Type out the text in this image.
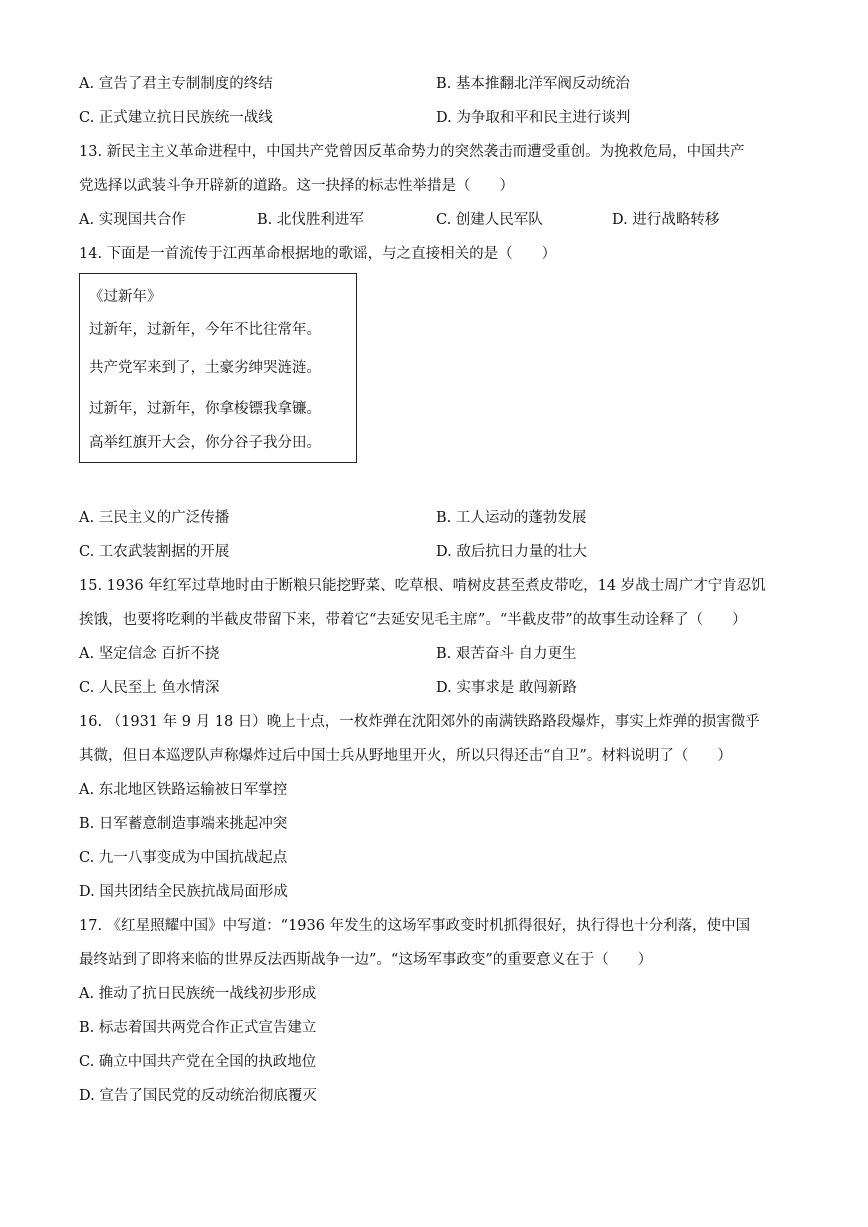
A. 宣告了君主专制制度的终结	B. 基本推翻北洋军阀反动统治
C. 正式建立抗日民族统一战线	D. 为争取和平和民主进行谈判
13. 新民主主义革命进程中，中国共产党曾因反革命势力的突然袭击而遭受重创。为挽救危局，中国共产
党选择以武装斗争开辟新的道路。这一抉择的标志性举措是（　　）
A. 实现国共合作	B. 北伐胜利进军	C. 创建人民军队	D. 进行战略转移
14. 下面是一首流传于江西革命根据地的歌谣，与之直接相关的是（　　）
《过新年》
过新年，过新年，今年不比往常年。
共产党军来到了，土豪劣绅哭涟涟。
过新年，过新年，你拿梭镖我拿镰。
高举红旗开大会，你分谷子我分田。
A. 三民主义的广泛传播	B. 工人运动的蓬勃发展
C. 工农武装割据的开展	D. 敌后抗日力量的壮大
15. 1936 年红军过草地时由于断粮只能挖野菜、吃草根、啃树皮甚至煮皮带吃，14 岁战士周广才宁肯忍饥
挨饿，也要将吃剩的半截皮带留下来，带着它“去延安见毛主席”。“半截皮带”的故事生动诠释了（　　）
A. 坚定信念 百折不挠	B. 艰苦奋斗 自力更生
C. 人民至上 鱼水情深	D. 实事求是 敢闯新路
16. （1931 年 9 月 18 日）晚上十点，一枚炸弹在沈阳郊外的南满铁路路段爆炸，事实上炸弹的损害微乎
其微，但日本巡逻队声称爆炸过后中国士兵从野地里开火，所以只得还击“自卫”。材料说明了（　　）
A. 东北地区铁路运输被日军掌控
B. 日军蓄意制造事端来挑起冲突
C. 九一八事变成为中国抗战起点
D. 国共团结全民族抗战局面形成
17. 《红星照耀中国》中写道：“1936 年发生的这场军事政变时机抓得很好，执行得也十分利落，使中国
最终站到了即将来临的世界反法西斯战争一边”。“这场军事政变”的重要意义在于（　　）
A. 推动了抗日民族统一战线初步形成
B. 标志着国共两党合作正式宣告建立
C. 确立中国共产党在全国的执政地位
D. 宣告了国民党的反动统治彻底覆灭
